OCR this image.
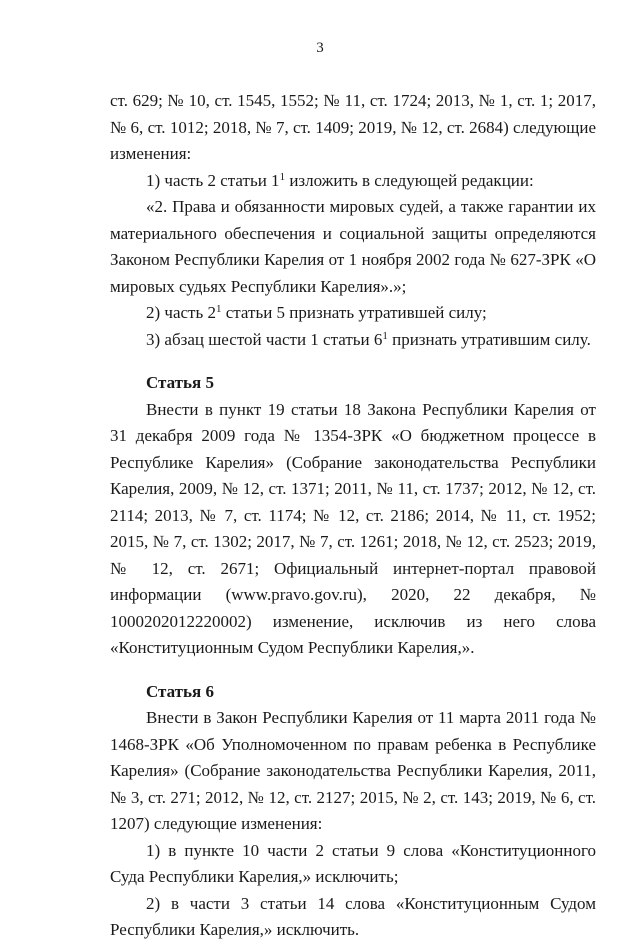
3

ст. 629; № 10, ст. 1545, 1552; № 11, ст. 1724; 2013, № 1, ст. 1; 2017, № 6, ст. 1012; 2018, № 7, ст. 1409; 2019, № 12, ст. 2684) следующие изменения:

1) часть 2 статьи $1^1$ изложить в следующей редакции:

«2. Права и обязанности мировых судей, а также гарантии их материального обеспечения и социальной защиты определяются Законом Республики Карелия от 1 ноября 2002 года № 627-ЗРК «О мировых судьях Республики Карелия».»;

2) часть $2^1$ статьи 5 признать утратившей силу;

3) абзац шестой части 1 статьи $6^1$ признать утратившим силу.

Статья 5

Внести в пункт 19 статьи 18 Закона Республики Карелия от 31 декабря 2009 года № 1354-ЗРК «О бюджетном процессе в Республике Карелия» (Собрание законодательства Республики Карелия, 2009, № 12, ст. 1371; 2011, № 11, ст. 1737; 2012, № 12, ст. 2114; 2013, № 7, ст. 1174; № 12, ст. 2186; 2014, № 11, ст. 1952; 2015, № 7, ст. 1302; 2017, № 7, ст. 1261; 2018, № 12, ст. 2523; 2019, № 12, ст. 2671; Официальный интернет-портал правовой информации (www.pravo.gov.ru), 2020, 22 декабря, № 1000202012220002) изменение, исключив из него слова «Конституционным Судом Республики Карелия,».

Статья 6

Внести в Закон Республики Карелия от 11 марта 2011 года № 1468-ЗРК «Об Уполномоченном по правам ребенка в Республике Карелия» (Собрание законодательства Республики Карелия, 2011, № 3, ст. 271; 2012, № 12, ст. 2127; 2015, № 2, ст. 143; 2019, № 6, ст. 1207) следующие изменения:

1) в пункте 10 части 2 статьи 9 слова «Конституционного Суда Республики Карелия,» исключить;

2) в части 3 статьи 14 слова «Конституционным Судом Республики Карелия,» исключить.
